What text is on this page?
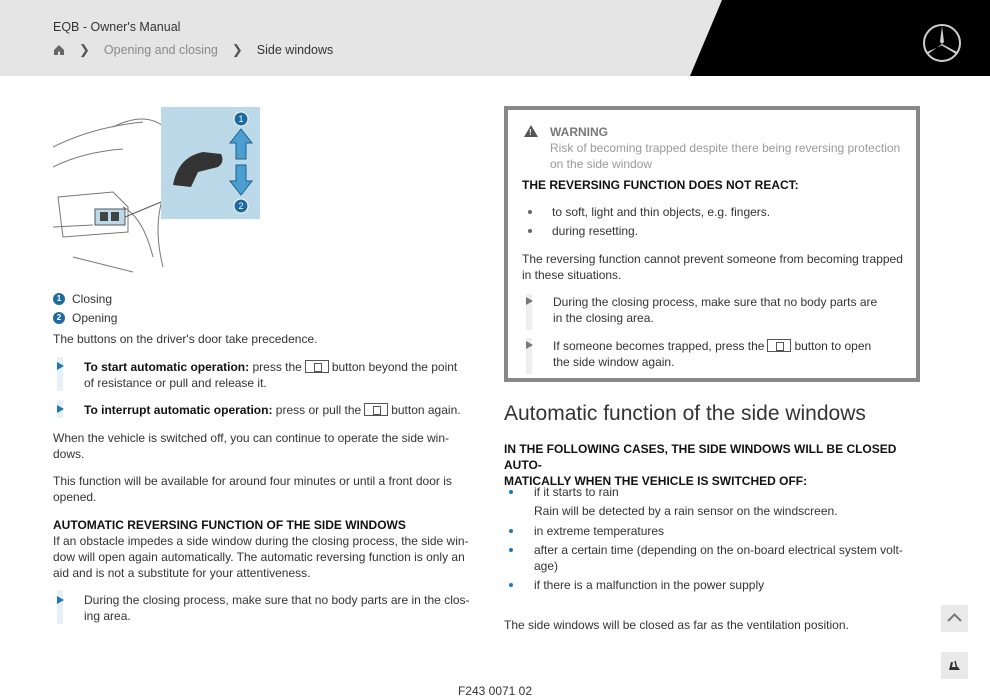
EQB - Owner's Manual
❯ Opening and closing ❯ Side windows
1
2
1 Closing
2 Opening
The buttons on the driver's door take precedence.
To start automatic operation: press the	button beyond the point
of resistance or pull and release it.
To interrupt automatic operation: press or pull the	button again.
When the vehicle is switched off, you can continue to operate the side win-
dows.
This function will be available for around four minutes or until a front door is
opened.
AUTOMATIC REVERSING FUNCTION OF THE SIDE WINDOWS
If an obstacle impedes a side window during the closing process, the side win-
dow will open again automatically. The automatic reversing function is only an
aid and is not a substitute for your attentiveness.
During the closing process, make sure that no body parts are in the clos-
ing area.
! WARNING
Risk of becoming trapped despite there being reversing protection
on the side window
THE REVERSING FUNCTION DOES NOT REACT:
to soft, light and thin objects, e.g. fingers.
during resetting.
The reversing function cannot prevent someone from becoming trapped
in these situations.
During the closing process, make sure that no body parts are
in the closing area.
If someone becomes trapped, press the	button to open
the side window again.
Automatic function of the side windows
IN THE FOLLOWING CASES, THE SIDE WINDOWS WILL BE CLOSED AUTO-
MATICALLY WHEN THE VEHICLE IS SWITCHED OFF:
if it starts to rain
Rain will be detected by a rain sensor on the windscreen.
in extreme temperatures
after a certain time (depending on the on-board electrical system volt-
age)
if there is a malfunction in the power supply
The side windows will be closed as far as the ventilation position.
F243 0071 02
